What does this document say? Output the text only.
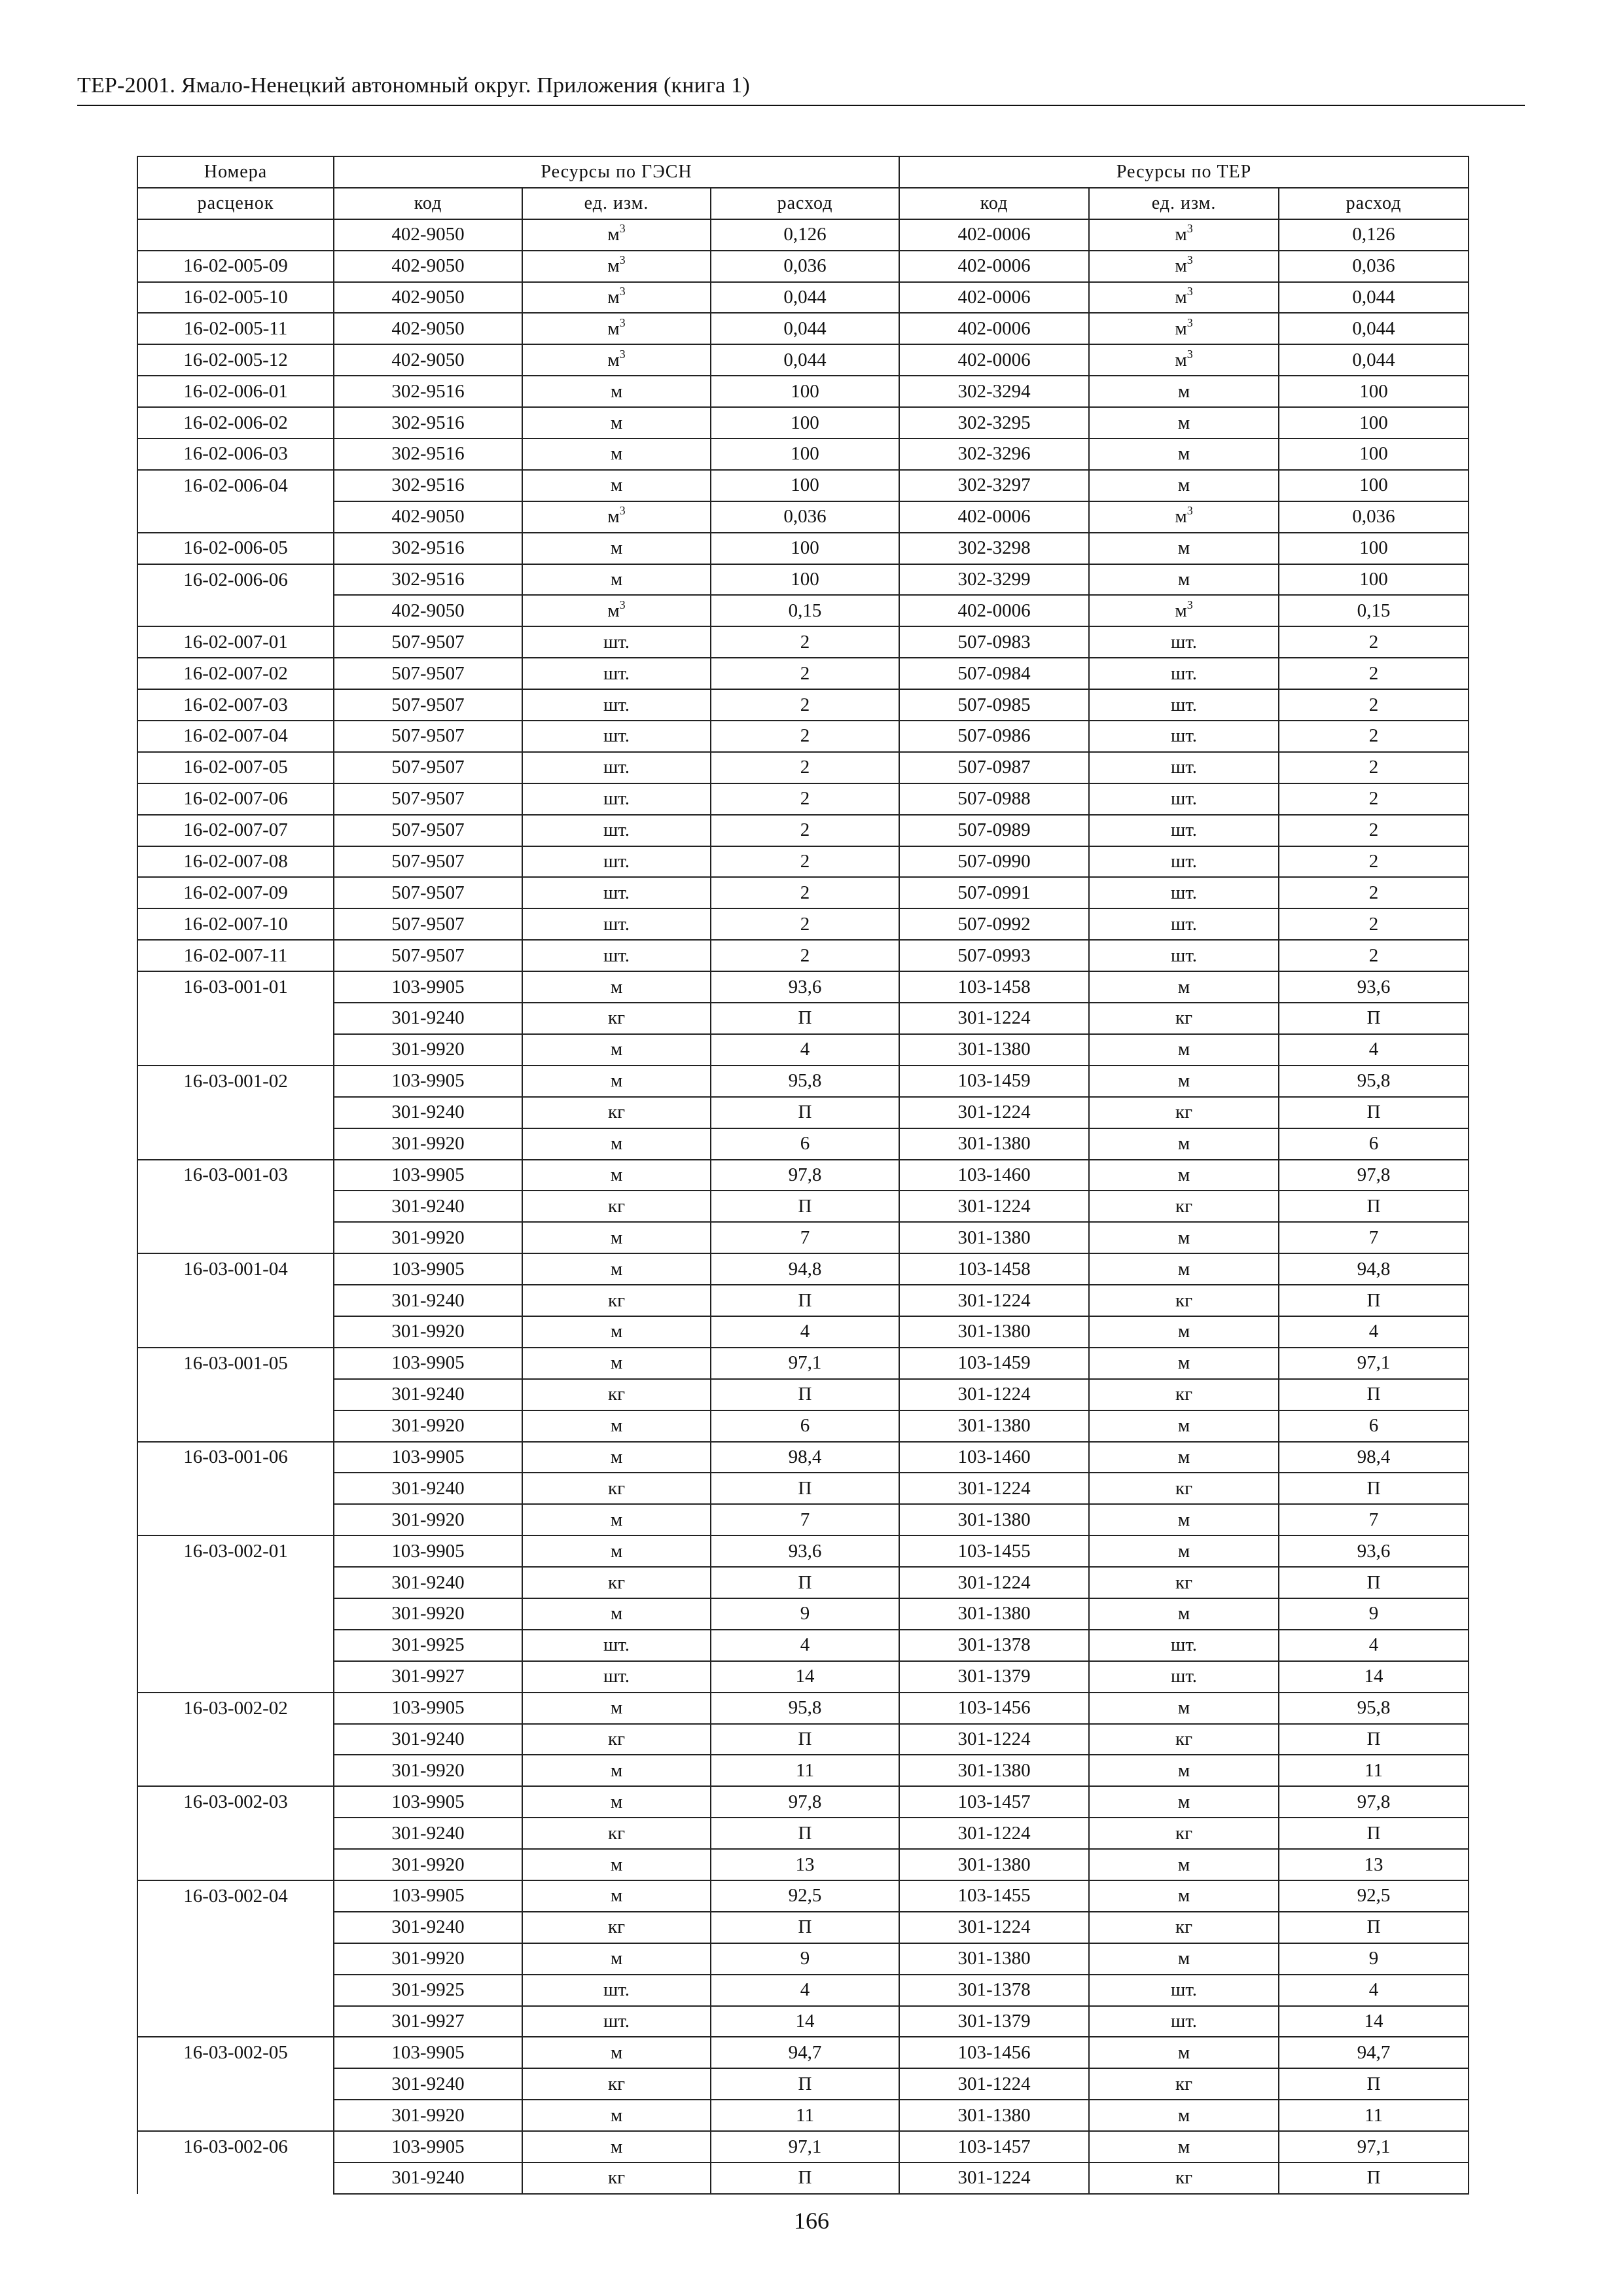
ТЕР-2001. Ямало-Ненецкий автономный округ. Приложения (книга 1)
Номера	Ресурсы по ГЭСН			Ресурсы по ТЕР		
расценок	код	ед. изм.	расход	код	ед. изм.	расход
	402-9050	$м^3$	0,126	402-0006	$м^3$	0,126
16-02-005-09	402-9050	$м^3$	0,036	402-0006	$м^3$	0,036
16-02-005-10	402-9050	$м^3$	0,044	402-0006	$м^3$	0,044
16-02-005-11	402-9050	$м^3$	0,044	402-0006	$м^3$	0,044
16-02-005-12	402-9050	$м^3$	0,044	402-0006	$м^3$	0,044
16-02-006-01	302-9516	м	100	302-3294	м	100
16-02-006-02	302-9516	м	100	302-3295	м	100
16-02-006-03	302-9516	м	100	302-3296	м	100
16-02-006-04	302-9516	м	100	302-3297	м	100
	402-9050	$м^3$	0,036	402-0006	$м^3$	0,036
16-02-006-05	302-9516	м	100	302-3298	м	100
16-02-006-06	302-9516	м	100	302-3299	м	100
	402-9050	$м^3$	0,15	402-0006	$м^3$	0,15
16-02-007-01	507-9507	шт.	2	507-0983	шт.	2
16-02-007-02	507-9507	шт.	2	507-0984	шт.	2
16-02-007-03	507-9507	шт.	2	507-0985	шт.	2
16-02-007-04	507-9507	шт.	2	507-0986	шт.	2
16-02-007-05	507-9507	шт.	2	507-0987	шт.	2
16-02-007-06	507-9507	шт.	2	507-0988	шт.	2
16-02-007-07	507-9507	шт.	2	507-0989	шт.	2
16-02-007-08	507-9507	шт.	2	507-0990	шт.	2
16-02-007-09	507-9507	шт.	2	507-0991	шт.	2
16-02-007-10	507-9507	шт.	2	507-0992	шт.	2
16-02-007-11	507-9507	шт.	2	507-0993	шт.	2
16-03-001-01	103-9905	м	93,6	103-1458	м	93,6
	301-9240	кг	П	301-1224	кг	П
	301-9920	м	4	301-1380	м	4
16-03-001-02	103-9905	м	95,8	103-1459	м	95,8
	301-9240	кг	П	301-1224	кг	П
	301-9920	м	6	301-1380	м	6
16-03-001-03	103-9905	м	97,8	103-1460	м	97,8
	301-9240	кг	П	301-1224	кг	П
	301-9920	м	7	301-1380	м	7
16-03-001-04	103-9905	м	94,8	103-1458	м	94,8
	301-9240	кг	П	301-1224	кг	П
	301-9920	м	4	301-1380	м	4
16-03-001-05	103-9905	м	97,1	103-1459	м	97,1
	301-9240	кг	П	301-1224	кг	П
	301-9920	м	6	301-1380	м	6
16-03-001-06	103-9905	м	98,4	103-1460	м	98,4
	301-9240	кг	П	301-1224	кг	П
	301-9920	м	7	301-1380	м	7
16-03-002-01	103-9905	м	93,6	103-1455	м	93,6
	301-9240	кг	П	301-1224	кг	П
	301-9920	м	9	301-1380	м	9
	301-9925	шт.	4	301-1378	шт.	4
	301-9927	шт.	14	301-1379	шт.	14
16-03-002-02	103-9905	м	95,8	103-1456	м	95,8
	301-9240	кг	П	301-1224	кг	П
	301-9920	м	11	301-1380	м	11
16-03-002-03	103-9905	м	97,8	103-1457	м	97,8
	301-9240	кг	П	301-1224	кг	П
	301-9920	м	13	301-1380	м	13
16-03-002-04	103-9905	м	92,5	103-1455	м	92,5
	301-9240	кг	П	301-1224	кг	П
	301-9920	м	9	301-1380	м	9
	301-9925	шт.	4	301-1378	шт.	4
	301-9927	шт.	14	301-1379	шт.	14
16-03-002-05	103-9905	м	94,7	103-1456	м	94,7
	301-9240	кг	П	301-1224	кг	П
	301-9920	м	11	301-1380	м	11
16-03-002-06	103-9905	м	97,1	103-1457	м	97,1
	301-9240	кг	П	301-1224	кг	П
166
